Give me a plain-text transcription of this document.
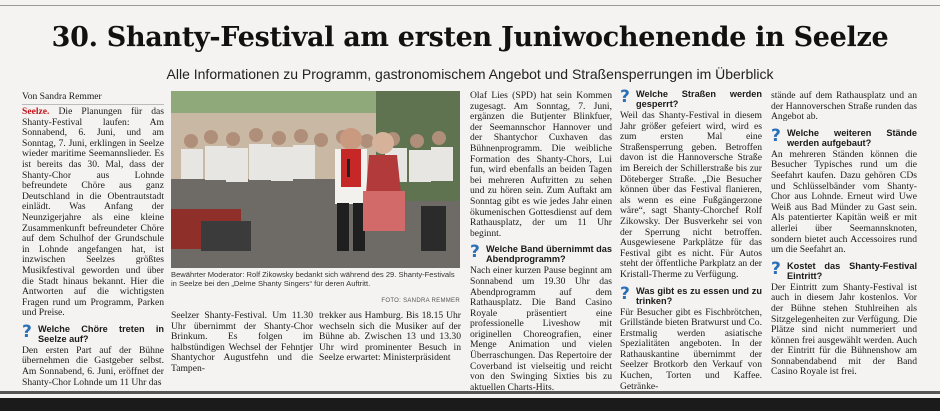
30. Shanty-Festival am ersten Juniwochenende in Seelze
Alle Informationen zu Programm, gastronomischem Angebot und Straßensperrungen im Überblick
Von Sandra Remmer

Seelze. Die Planungen für das Shanty-Festival laufen: Am Sonnabend, 6. Juni, und am Sonntag, 7. Juni, erklingen in Seelze wieder maritime Seemannslieder. Es ist bereits das 30. Mal, dass der Shanty-Chor aus Lohnde befreundete Chöre aus ganz Deutschland in die Obentrautstadt einlädt. Was Anfang der Neunzigerjahre als eine kleine Zusammenkunft befreundeter Chöre auf dem Schulhof der Grundschule in Lohnde angefangen hat, ist inzwischen Seelzes größtes Musikfestival geworden und über die Stadt hinaus bekannt. Hier die Antworten auf die wichtigsten Fragen rund um Programm, Parken und Preise.

? Welche Chöre treten in Seelze auf?

Den ersten Part auf der Bühne übernehmen die Gastgeber selbst. Am Sonnabend, 6. Juni, eröffnet der Shanty-Chor Lohnde um 11 Uhr das

Bewährter Moderator: Rolf Zikowsky bedankt sich während des 29. Shanty-Festivals in Seelze bei den „Delme Shanty Singers“ für deren Auftritt.
FOTO: SANDRA REMMER

Seelzer Shanty-Festival. Um 11.30 Uhr übernimmt der Shanty-Chor Brinkum. Es folgen im halbstündigen Wechsel der Fehntjer Shantychor Augustfehn und die Tampen-

trekker aus Hamburg. Bis 18.15 Uhr wechseln sich die Musiker auf der Bühne ab. Zwischen 13 und 13.30 Uhr wird prominenter Besuch in Seelze erwartet: Ministerpräsident

Olaf Lies (SPD) hat sein Kommen zugesagt. Am Sonntag, 7. Juni, ergänzen die Butjenter Blinkfuer, der Seemannschor Hannover und der Shantychor Cuxhaven das Bühnenprogramm. Die weibliche Formation des Shanty-Chors, Lui fun, wird ebenfalls an beiden Tagen bei mehreren Auftritten zu sehen und zu hören sein. Zum Auftakt am Sonntag gibt es wie jedes Jahr einen ökumenischen Gottesdienst auf dem Rathausplatz, der um 11 Uhr beginnt.

? Welche Band übernimmt das Abendprogramm?

Nach einer kurzen Pause beginnt am Sonnabend um 19.30 Uhr das Abendprogramm auf dem Rathausplatz. Die Band Casino Royale präsentiert eine professionelle Liveshow mit originellen Choreografien, einer Menge Animation und vielen Überraschungen. Das Repertoire der Coverband ist vielseitig und reicht von den Swinging Sixties bis zu aktuellen Charts-Hits.

? Welche Straßen werden gesperrt?

Weil das Shanty-Festival in diesem Jahr größer gefeiert wird, wird es zum ersten Mal eine Straßensperrung geben. Betroffen davon ist die Hannoversche Straße im Bereich der Schillerstraße bis zur Döteberger Straße. „Die Besucher können über das Festival flanieren, als wenn es eine Fußgängerzone wäre“, sagt Shanty-Chorchef Rolf Zikowsky. Der Busverkehr sei von der Sperrung nicht betroffen. Ausgewiesene Parkplätze für das Festival gibt es nicht. Für Autos steht der öffentliche Parkplatz an der Kristall-Therme zu Verfügung.

? Was gibt es zu essen und zu trinken?

Für Besucher gibt es Fischbrötchen, Grillstände bieten Bratwurst und Co. Erstmalig werden asiatische Spezialitäten angeboten. In der Rathauskantine übernimmt der Seelzer Brotkorb den Verkauf von Kuchen, Torten und Kaffee. Getränke-

stände auf dem Rathausplatz und an der Hannoverschen Straße runden das Angebot ab.

? Welche weiteren Stände werden aufgebaut?

An mehreren Ständen können die Besucher Typisches rund um die Seefahrt kaufen. Dazu gehören CDs und Schlüsselbänder vom Shanty-Chor aus Lohnde. Erneut wird Uwe Weiß aus Bad Münder zu Gast sein. Als patentierter Kapitän weiß er mit allerlei über Seemannsknoten, sondern bietet auch Accessoires rund um die Seefahrt an.

? Kostet das Shanty-Festival Eintritt?

Der Eintritt zum Shanty-Festival ist auch in diesem Jahr kostenlos. Vor der Bühne stehen Stuhlreihen als Sitzgelegenheiten zur Verfügung. Die Plätze sind nicht nummeriert und können frei ausgewählt werden. Auch der Eintritt für die Bühnenshow am Sonnabendabend mit der Band Casino Royale ist frei.
